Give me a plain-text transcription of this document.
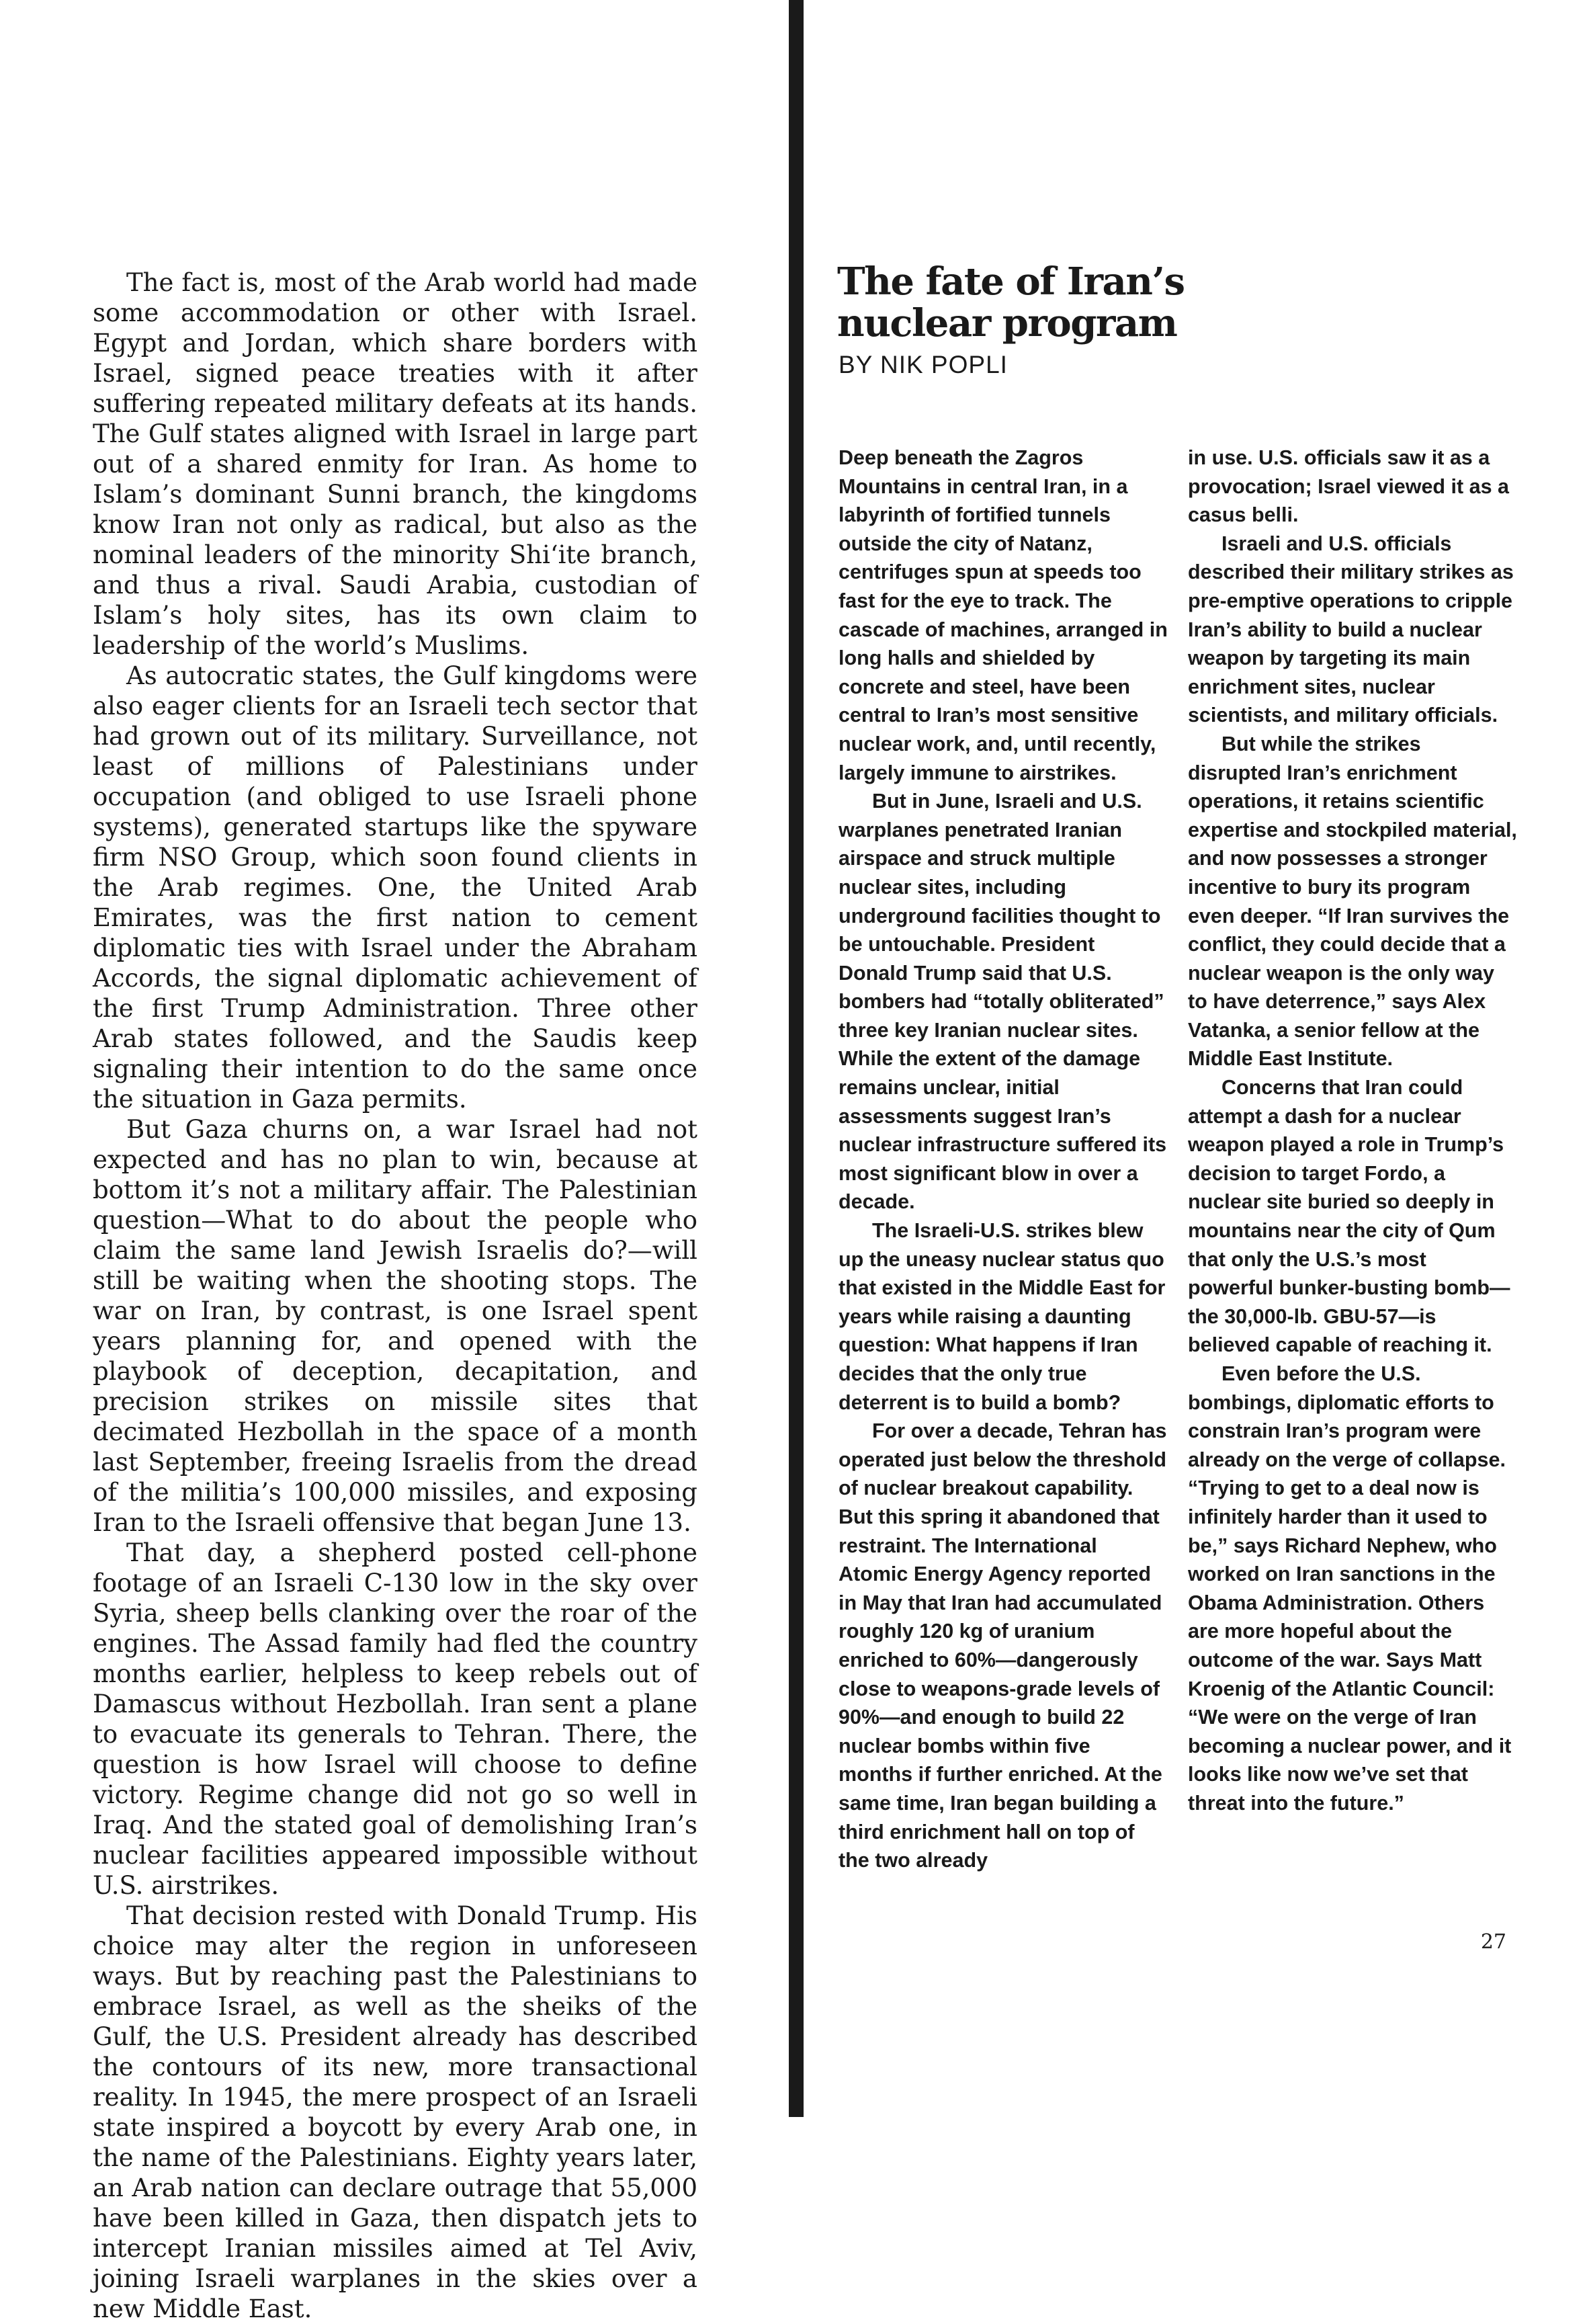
The fact is, most of the Arab world had made some accommodation or other with Israel. Egypt and Jordan, which share borders with Israel, signed peace treaties with it after suffering repeated military defeats at its hands. The Gulf states aligned with Israel in large part out of a shared enmity for Iran. As home to Islam’s dominant Sunni branch, the kingdoms know Iran not only as radical, but also as the nominal leaders of the minority Shi‘ite branch, and thus a rival. Saudi Arabia, custodian of Islam’s holy sites, has its own claim to leadership of the world’s Muslims.

As autocratic states, the Gulf kingdoms were also eager clients for an Israeli tech sector that had grown out of its military. Surveillance, not least of millions of Palestinians under occupation (and obliged to use Israeli phone systems), generated startups like the spyware firm NSO Group, which soon found clients in the Arab regimes. One, the United Arab Emirates, was the first nation to cement diplomatic ties with Israel under the Abraham Accords, the signal diplomatic achievement of the first Trump Administration. Three other Arab states followed, and the Saudis keep signaling their intention to do the same once the situation in Gaza permits.

But Gaza churns on, a war Israel had not expected and has no plan to win, because at bottom it’s not a military affair. The Palestinian question—What to do about the people who claim the same land Jewish Israelis do?—will still be waiting when the shooting stops. The war on Iran, by contrast, is one Israel spent years planning for, and opened with the playbook of deception, decapitation, and precision strikes on missile sites that decimated Hezbollah in the space of a month last September, freeing Israelis from the dread of the militia’s 100,000 missiles, and exposing Iran to the Israeli offensive that began June 13.

That day, a shepherd posted cell-phone footage of an Israeli C-130 low in the sky over Syria, sheep bells clanking over the roar of the engines. The Assad family had fled the country months earlier, helpless to keep rebels out of Damascus without Hezbollah. Iran sent a plane to evacuate its generals to Tehran. There, the question is how Israel will choose to define victory. Regime change did not go so well in Iraq. And the stated goal of demolishing Iran’s nuclear facilities appeared impossible without U.S. airstrikes.

That decision rested with Donald Trump. His choice may alter the region in unforeseen ways. But by reaching past the Palestinians to embrace Israel, as well as the sheiks of the Gulf, the U.S. President already has described the contours of its new, more transactional reality. In 1945, the mere prospect of an Israeli state inspired a boycott by every Arab one, in the name of the Palestinians. Eighty years later, an Arab nation can declare outrage that 55,000 have been killed in Gaza, then dispatch jets to intercept Iranian missiles aimed at Tel Aviv, joining Israeli warplanes in the skies over a new Middle East.

The fate of Iran’s nuclear program

BY NIK POPLI

Deep beneath the Zagros Mountains in central Iran, in a labyrinth of fortified tunnels outside the city of Natanz, centrifuges spun at speeds too fast for the eye to track. The cascade of machines, arranged in long halls and shielded by concrete and steel, have been central to Iran’s most sensitive nuclear work, and, until recently, largely immune to airstrikes.

But in June, Israeli and U.S. warplanes penetrated Iranian airspace and struck multiple nuclear sites, including underground facilities thought to be untouchable. President Donald Trump said that U.S. bombers had “totally obliterated” three key Iranian nuclear sites. While the extent of the damage remains unclear, initial assessments suggest Iran’s nuclear infrastructure suffered its most significant blow in over a decade.

The Israeli-U.S. strikes blew up the uneasy nuclear status quo that existed in the Middle East for years while raising a daunting question: What happens if Iran decides that the only true deterrent is to build a bomb?

For over a decade, Tehran has operated just below the threshold of nuclear breakout capability. But this spring it abandoned that restraint. The International Atomic Energy Agency reported in May that Iran had accumulated roughly 120 kg of uranium enriched to 60%—dangerously close to weapons-grade levels of 90%—and enough to build 22 nuclear bombs within five months if further enriched. At the same time, Iran began building a third enrichment hall on top of the two already

in use. U.S. officials saw it as a provocation; Israel viewed it as a casus belli.

Israeli and U.S. officials described their military strikes as pre-emptive operations to cripple Iran’s ability to build a nuclear weapon by targeting its main enrichment sites, nuclear scientists, and military officials.

But while the strikes disrupted Iran’s enrichment operations, it retains scientific expertise and stockpiled material, and now possesses a stronger incentive to bury its program even deeper. “If Iran survives the conflict, they could decide that a nuclear weapon is the only way to have deterrence,” says Alex Vatanka, a senior fellow at the Middle East Institute.

Concerns that Iran could attempt a dash for a nuclear weapon played a role in Trump’s decision to target Fordo, a nuclear site buried so deeply in mountains near the city of Qum that only the U.S.’s most powerful bunker-busting bomb—the 30,000-lb. GBU-57—is believed capable of reaching it.

Even before the U.S. bombings, diplomatic efforts to constrain Iran’s program were already on the verge of collapse. “Trying to get to a deal now is infinitely harder than it used to be,” says Richard Nephew, who worked on Iran sanctions in the Obama Administration. Others are more hopeful about the outcome of the war. Says Matt Kroenig of the Atlantic Council: “We were on the verge of Iran becoming a nuclear power, and it looks like now we’ve set that threat into the future.”

27
